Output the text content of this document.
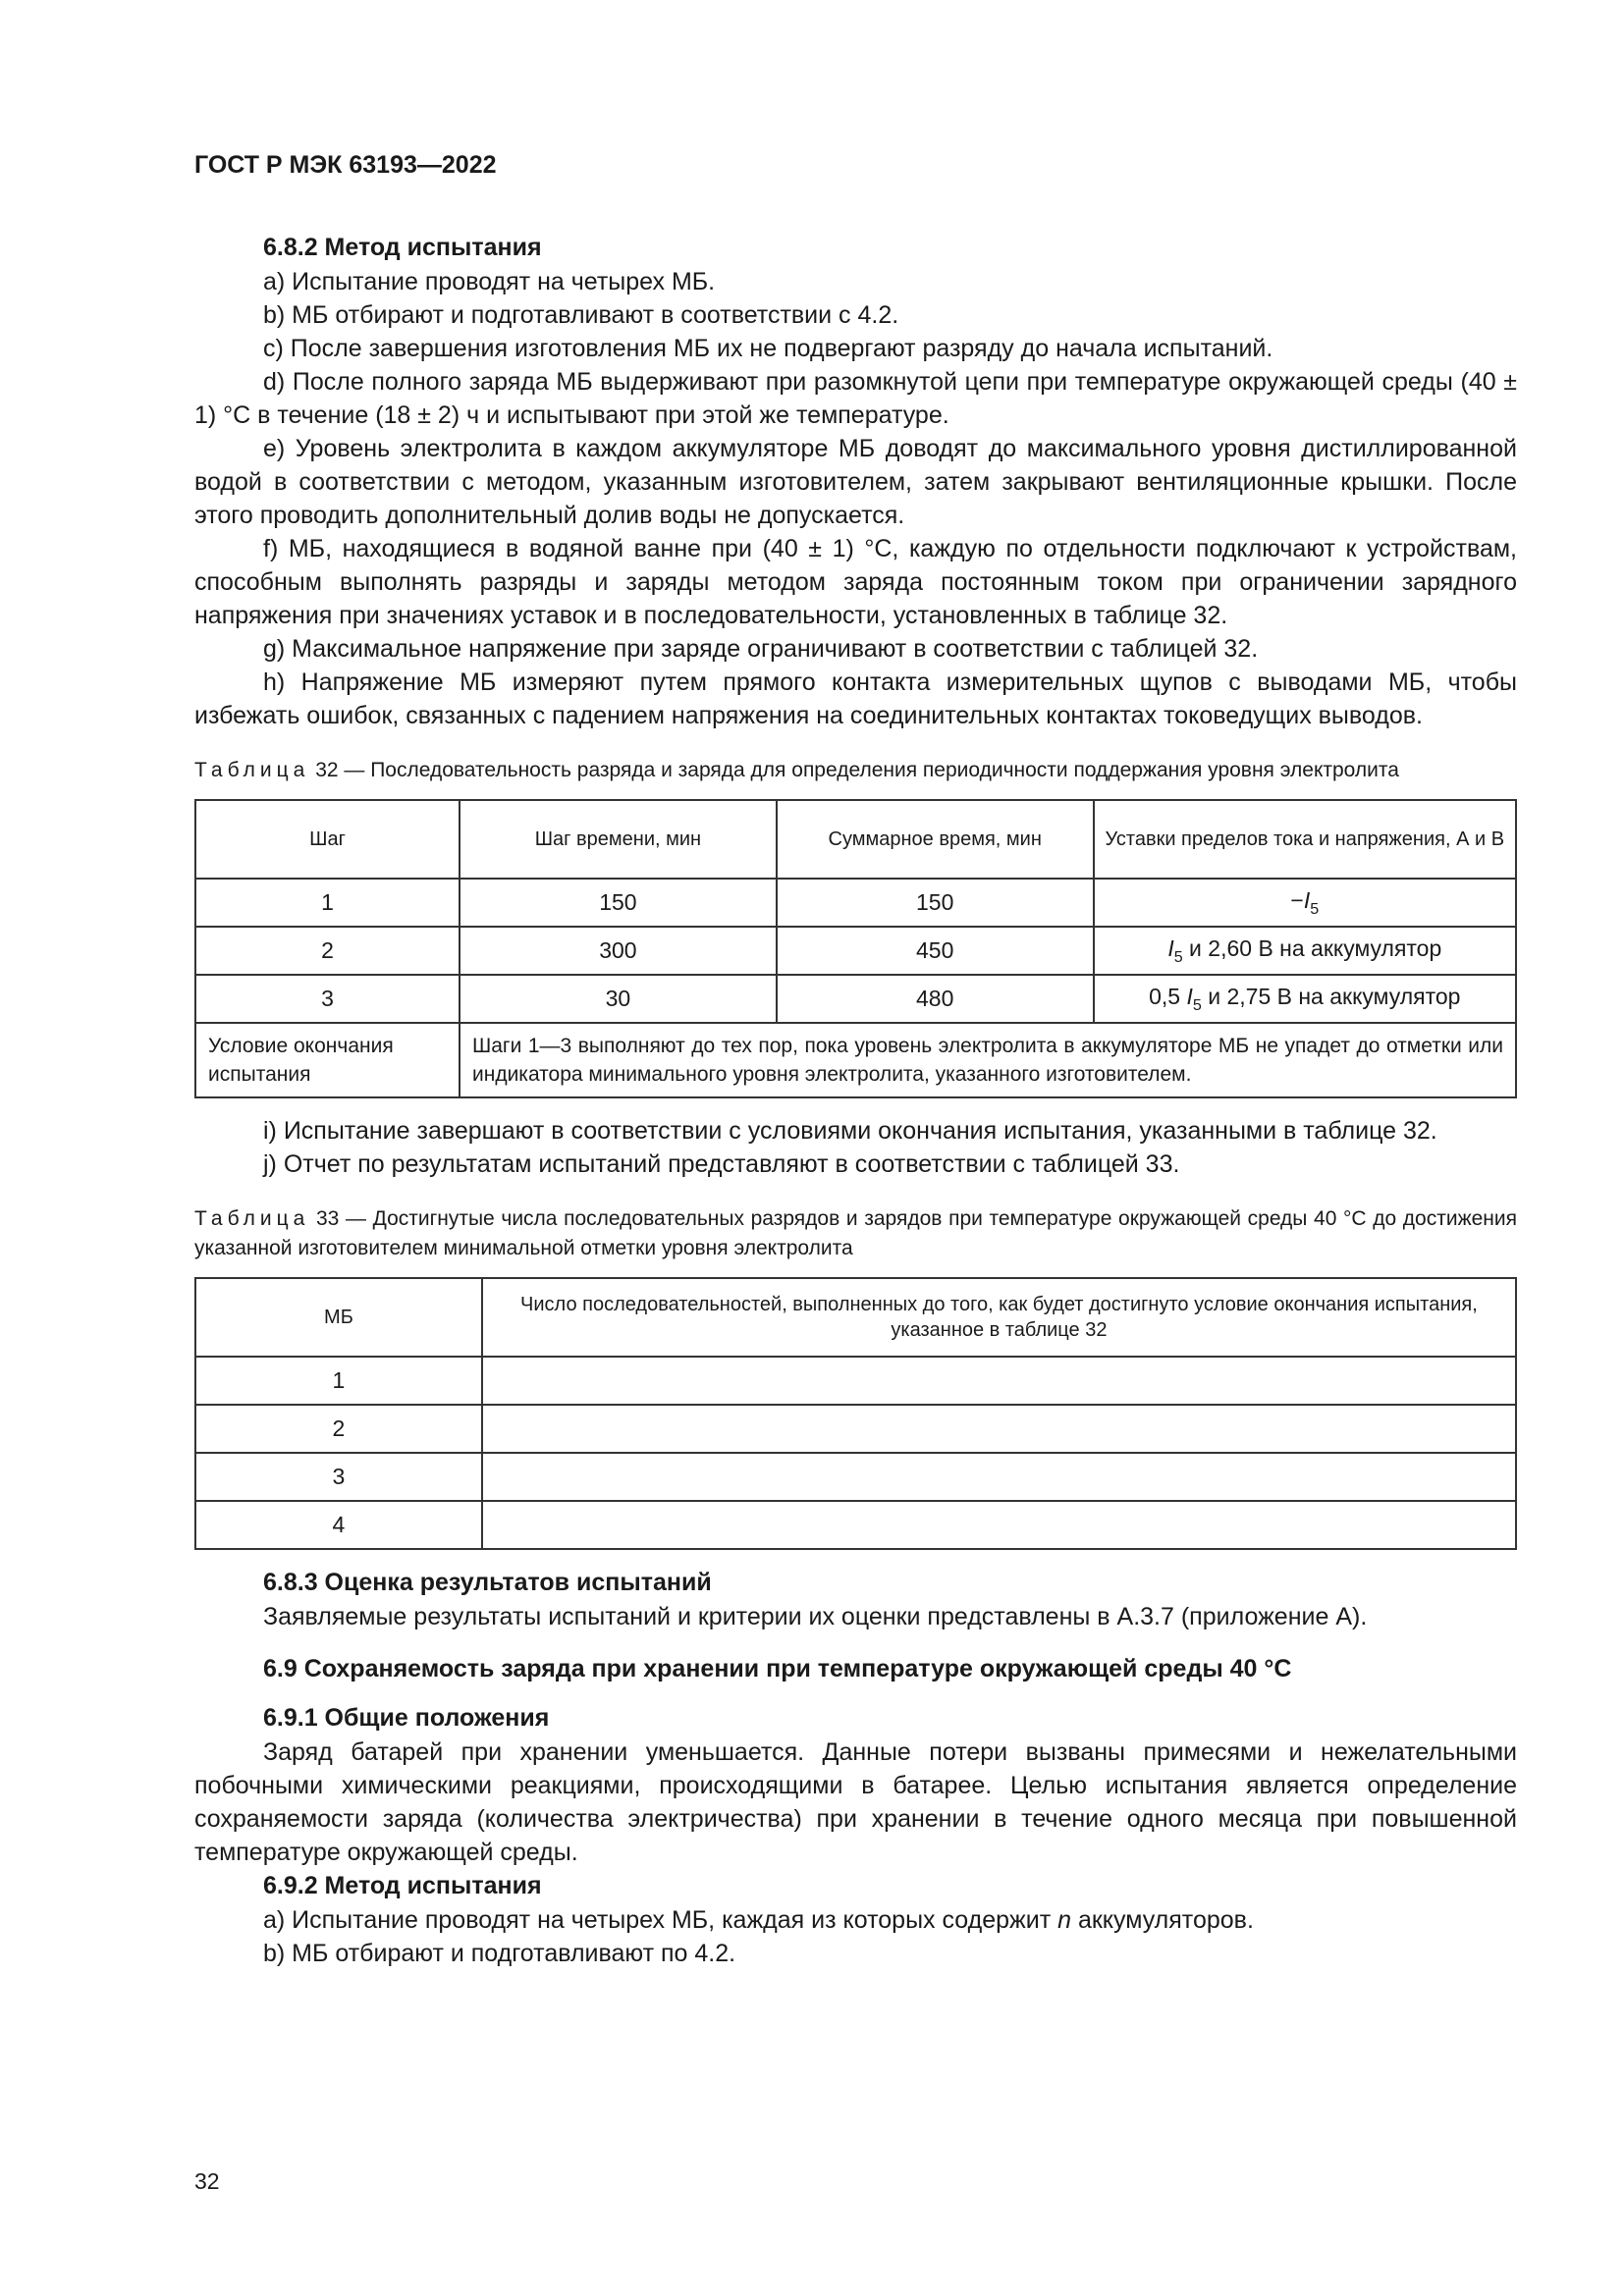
ГОСТ Р МЭК 63193—2022
6.8.2 Метод испытания

a) Испытание проводят на четырех МБ.

b) МБ отбирают и подготавливают в соответствии с 4.2.

c) После завершения изготовления МБ их не подвергают разряду до начала испытаний.

d) После полного заряда МБ выдерживают при разомкнутой цепи при температуре окружающей среды (40 ± 1) °С в течение (18 ± 2) ч и испытывают при этой же температуре.

e) Уровень электролита в каждом аккумуляторе МБ доводят до максимального уровня дистиллированной водой в соответствии с методом, указанным изготовителем, затем закрывают вентиляционные крышки. После этого проводить дополнительный долив воды не допускается.

f) МБ, находящиеся в водяной ванне при (40 ± 1) °С, каждую по отдельности подключают к устройствам, способным выполнять разряды и заряды методом заряда постоянным током при ограничении зарядного напряжения при значениях уставок и в последовательности, установленных в таблице 32.

g) Максимальное напряжение при заряде ограничивают в соответствии с таблицей 32.

h) Напряжение МБ измеряют путем прямого контакта измерительных щупов с выводами МБ, чтобы избежать ошибок, связанных с падением напряжения на соединительных контактах токоведущих выводов.

Таблица 32 — Последовательность разряда и заряда для определения периодичности поддержания уровня электролита
Шаг	Шаг времени, мин	Суммарное время, мин	Уставки пределов тока и напряжения, А и В
1	150	150	$-I_5$
2	300	450	$I_5$ и 2,60 В на аккумулятор
3	30	480	0,5 $I_5$ и 2,75 В на аккумулятор
Условие окончания испытания	Шаги 1—3 выполняют до тех пор, пока уровень электролита в аккумуляторе МБ не упадет до отметки или индикатора минимального уровня электролита, указанного изготовителем.		

i) Испытание завершают в соответствии с условиями окончания испытания, указанными в таблице 32.

j) Отчет по результатам испытаний представляют в соответствии с таблицей 33.

Таблица 33 — Достигнутые числа последовательных разрядов и зарядов при температуре окружающей среды 40 °С до достижения указанной изготовителем минимальной отметки уровня электролита
МБ	Число последовательностей, выполненных до того, как будет достигнуто условие окончания испытания, указанное в таблице 32
1	
2	
3	
4	
6.8.3 Оценка результатов испытаний

Заявляемые результаты испытаний и критерии их оценки представлены в А.3.7 (приложение А).

6.9 Сохраняемость заряда при хранении при температуре окружающей среды 40 °С
6.9.1 Общие положения

Заряд батарей при хранении уменьшается. Данные потери вызваны примесями и нежелательными побочными химическими реакциями, происходящими в батарее. Целью испытания является определение сохраняемости заряда (количества электричества) при хранении в течение одного месяца при повышенной температуре окружающей среды.

6.9.2 Метод испытания

a) Испытание проводят на четырех МБ, каждая из которых содержит n аккумуляторов.

b) МБ отбирают и подготавливают по 4.2.

32
